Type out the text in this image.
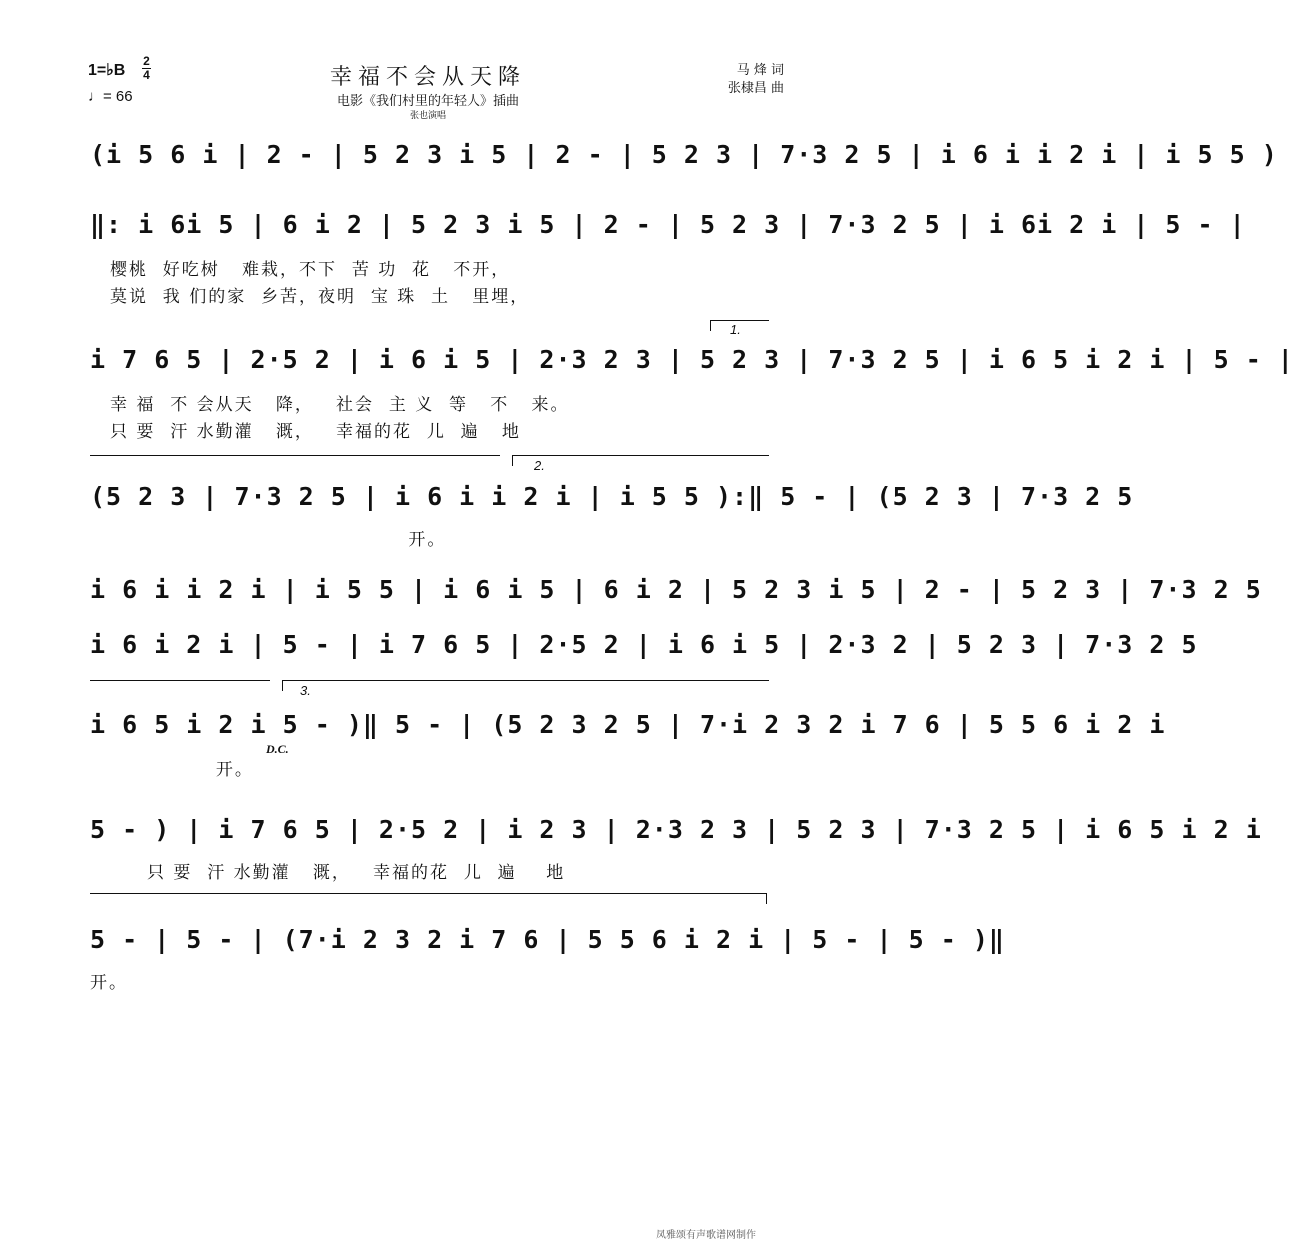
1=♭B
2
4
♩= 66
幸福不会从天降
电影《我们村里的年轻人》插曲
张也演唱
马 烽 词
张棣昌 曲
(i 5 6 i | 2 - | 5 2 3 i 5 | 2 - | 5 2 3 | 7·3 2 5 | i 6 i i 2 i | i 5 5 )
‖: i 6i 5 | 6 i 2 | 5 2 3 i 5 | 2 - | 5 2 3 | 7·3 2 5 | i 6i 2 i | 5 - |
樱桃  好吃树   难栽，不下  苦 功  花   不开，
莫说  我 们的家  乡苦，夜明  宝 珠  土   里埋，
1.
i 7 6 5 | 2·5 2 | i 6 i 5 | 2·3 2 3 | 5 2 3 | 7·3 2 5 | i 6 5 i 2 i | 5 - |
幸 福  不 会从天   降，   社会  主 义  等   不   来。
只 要  汗 水勤灌   溉，   幸福的花  儿  遍   地
2.
(5 2 3 | 7·3 2 5 | i 6 i i 2 i | i 5 5 ):‖ 5 - | (5 2 3 | 7·3 2 5
开。
i 6 i i 2 i | i 5 5 | i 6 i 5 | 6 i 2 | 5 2 3 i 5 | 2 - | 5 2 3 | 7·3 2 5
i 6 i 2 i | 5 - | i 7 6 5 | 2·5 2 | i 6 i 5 | 2·3 2 | 5 2 3 | 7·3 2 5
3.
i 6 5 i 2 i 5 - )‖ 5 - | (5 2 3 2 5 | 7·i 2 3 2 i 7 6 | 5 5 6 i 2 i
D.C.
开。
5 - ) | i 7 6 5 | 2·5 2 | i 2 3 | 2·3 2 3 | 5 2 3 | 7·3 2 5 | i 6 5 i 2 i
只 要  汗 水勤灌   溉，   幸福的花  儿  遍    地
5 - | 5 - | (7·i 2 3 2 i 7 6 | 5 5 6 i 2 i | 5 - | 5 - )‖
开。
凤雅颂有声歌谱网制作
